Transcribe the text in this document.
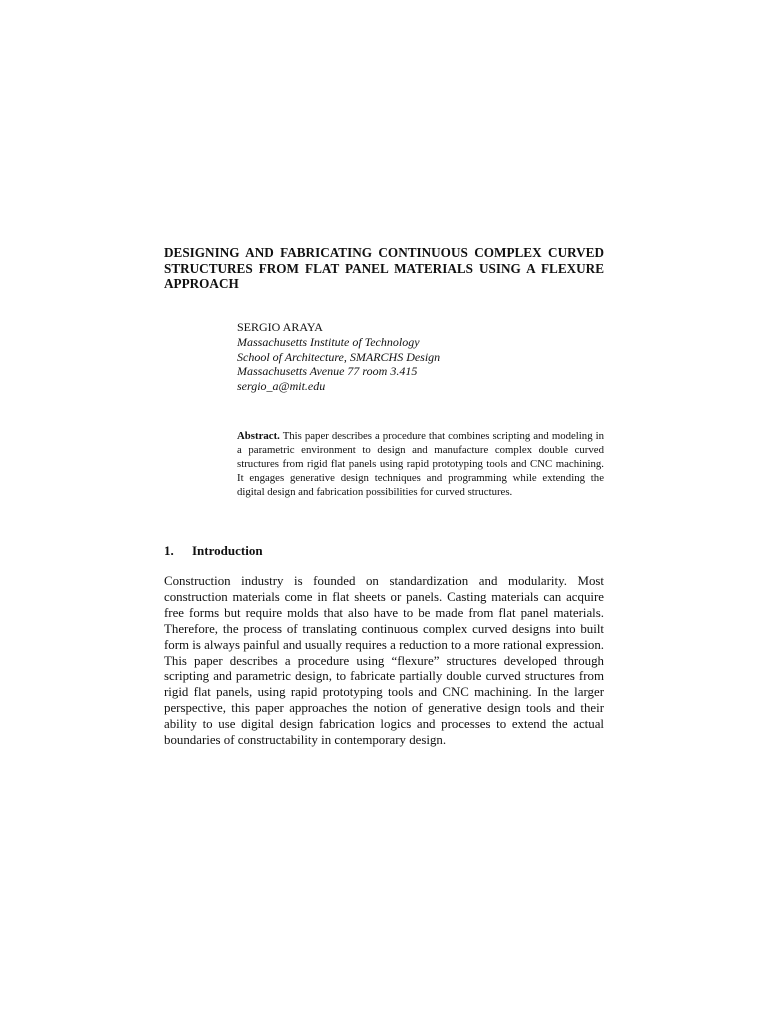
DESIGNING AND FABRICATING CONTINUOUS COMPLEX CURVED STRUCTURES FROM FLAT PANEL MATERIALS USING A FLEXURE APPROACH
SERGIO ARAYA
Massachusetts Institute of Technology
School of Architecture, SMARCHS Design
Massachusetts Avenue 77 room 3.415
sergio_a@mit.edu

Abstract. This paper describes a procedure that combines scripting and modeling in a parametric environment to design and manufacture complex double curved structures from rigid flat panels using rapid prototyping tools and CNC machining. It engages generative design techniques and programming while extending the digital design and fabrication possibilities for curved structures.

1. Introduction

Construction industry is founded on standardization and modularity. Most construction materials come in flat sheets or panels. Casting materials can acquire free forms but require molds that also have to be made from flat panel materials. Therefore, the process of translating continuous complex curved designs into built form is always painful and usually requires a reduction to a more rational expression. This paper describes a procedure using “flexure” structures developed through scripting and parametric design, to fabricate partially double curved structures from rigid flat panels, using rapid prototyping tools and CNC machining. In the larger perspective, this paper approaches the notion of generative design tools and their ability to use digital design fabrication logics and processes to extend the actual boundaries of constructability in contemporary design.
